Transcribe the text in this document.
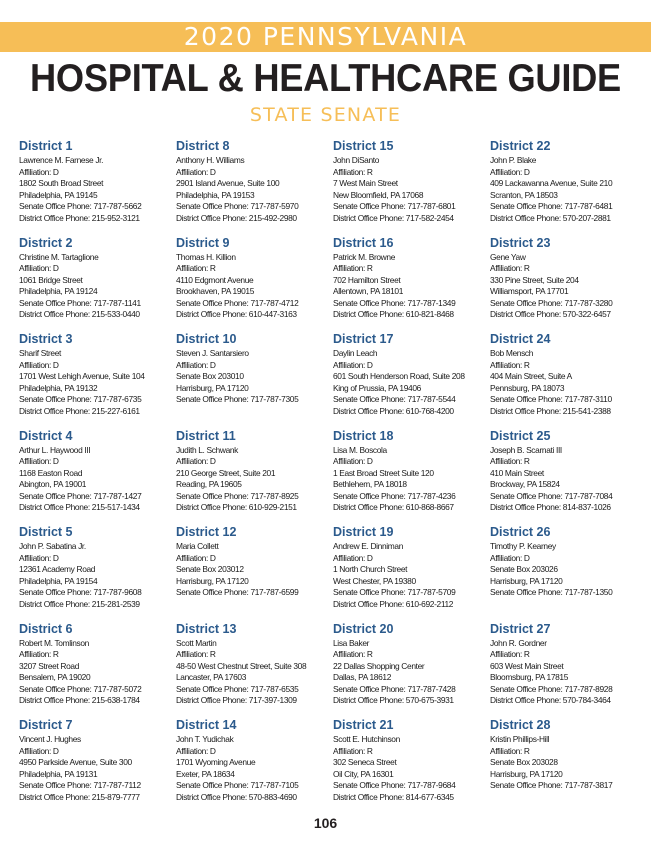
2020 PENNSYLVANIA
HOSPITAL & HEALTHCARE GUIDE
STATE SENATE
District 1
Lawrence M. Farnese Jr.
Affiliation: D
1802 South Broad Street
Philadelphia, PA 19145
Senate Office Phone: 717-787-5662
District Office Phone: 215-952-3121
District 2
Christine M. Tartaglione
Affiliation: D
1061 Bridge Street
Philadelphia, PA 19124
Senate Office Phone: 717-787-1141
District Office Phone: 215-533-0440
District 3
Sharif Street
Affiliation: D
1701 West Lehigh Avenue, Suite 104
Philadelphia, PA 19132
Senate Office Phone: 717-787-6735
District Office Phone: 215-227-6161
District 4
Arthur L. Haywood III
Affiliation: D
1168 Easton Road
Abington, PA 19001
Senate Office Phone: 717-787-1427
District Office Phone: 215-517-1434
District 5
John P. Sabatina Jr.
Affiliation: D
12361 Academy Road
Philadelphia, PA 19154
Senate Office Phone: 717-787-9608
District Office Phone: 215-281-2539
District 6
Robert M. Tomlinson
Affiliation: R
3207 Street Road
Bensalem, PA 19020
Senate Office Phone: 717-787-5072
District Office Phone: 215-638-1784
District 7
Vincent J. Hughes
Affiliation: D
4950 Parkside Avenue, Suite 300
Philadelphia, PA 19131
Senate Office Phone: 717-787-7112
District Office Phone: 215-879-7777
District 8
Anthony H. Williams
Affiliation: D
2901 Island Avenue, Suite 100
Philadelphia, PA 19153
Senate Office Phone: 717-787-5970
District Office Phone: 215-492-2980
District 9
Thomas H. Killion
Affiliation: R
4110 Edgmont Avenue
Brookhaven, PA 19015
Senate Office Phone: 717-787-4712
District Office Phone: 610-447-3163
District 10
Steven J. Santarsiero
Affiliation: D
Senate Box 203010
Harrisburg, PA 17120
Senate Office Phone: 717-787-7305
District 11
Judith L. Schwank
Affiliation: D
210 George Street, Suite 201
Reading, PA 19605
Senate Office Phone: 717-787-8925
District Office Phone: 610-929-2151
District 12
Maria Collett
Affiliation: D
Senate Box 203012
Harrisburg, PA 17120
Senate Office Phone: 717-787-6599
District 13
Scott Martin
Affiliation: R
48-50 West Chestnut Street, Suite 308
Lancaster, PA 17603
Senate Office Phone: 717-787-6535
District Office Phone: 717-397-1309
District 14
John T. Yudichak
Affiliation: D
1701 Wyoming Avenue
Exeter, PA 18634
Senate Office Phone: 717-787-7105
District Office Phone: 570-883-4690
District 15
John DiSanto
Affiliation: R
7 West Main Street
New Bloomfield, PA 17068
Senate Office Phone: 717-787-6801
District Office Phone: 717-582-2454
District 16
Patrick M. Browne
Affiliation: R
702 Hamilton Street
Allentown, PA 18101
Senate Office Phone: 717-787-1349
District Office Phone: 610-821-8468
District 17
Daylin Leach
Affiliation: D
601 South Henderson Road, Suite 208
King of Prussia, PA 19406
Senate Office Phone: 717-787-5544
District Office Phone: 610-768-4200
District 18
Lisa M. Boscola
Affiliation: D
1 East Broad Street Suite 120
Bethlehem, PA 18018
Senate Office Phone: 717-787-4236
District Office Phone: 610-868-8667
District 19
Andrew E. Dinniman
Affiliation: D
1 North Church Street
West Chester, PA 19380
Senate Office Phone: 717-787-5709
District Office Phone: 610-692-2112
District 20
Lisa Baker
Affiliation: R
22 Dallas Shopping Center
Dallas, PA 18612
Senate Office Phone: 717-787-7428
District Office Phone: 570-675-3931
District 21
Scott E. Hutchinson
Affiliation: R
302 Seneca Street
Oil City, PA 16301
Senate Office Phone: 717-787-9684
District Office Phone: 814-677-6345
District 22
John P. Blake
Affiliation: D
409 Lackawanna Avenue, Suite 210
Scranton, PA 18503
Senate Office Phone: 717-787-6481
District Office Phone: 570-207-2881
District 23
Gene Yaw
Affiliation: R
330 Pine Street, Suite 204
Williamsport, PA 17701
Senate Office Phone: 717-787-3280
District Office Phone: 570-322-6457
District 24
Bob Mensch
Affiliation: R
404 Main Street, Suite A
Pennsburg, PA 18073
Senate Office Phone: 717-787-3110
District Office Phone: 215-541-2388
District 25
Joseph B. Scarnati III
Affiliation: R
410 Main Street
Brockway, PA 15824
Senate Office Phone: 717-787-7084
District Office Phone: 814-837-1026
District 26
Timothy P. Kearney
Affiliation: D
Senate Box 203026
Harrisburg, PA 17120
Senate Office Phone: 717-787-1350
District 27
John R. Gordner
Affiliation: R
603 West Main Street
Bloomsburg, PA 17815
Senate Office Phone: 717-787-8928
District Office Phone: 570-784-3464
District 28
Kristin Phillips-Hill
Affiliation: R
Senate Box 203028
Harrisburg, PA 17120
Senate Office Phone: 717-787-3817
106
